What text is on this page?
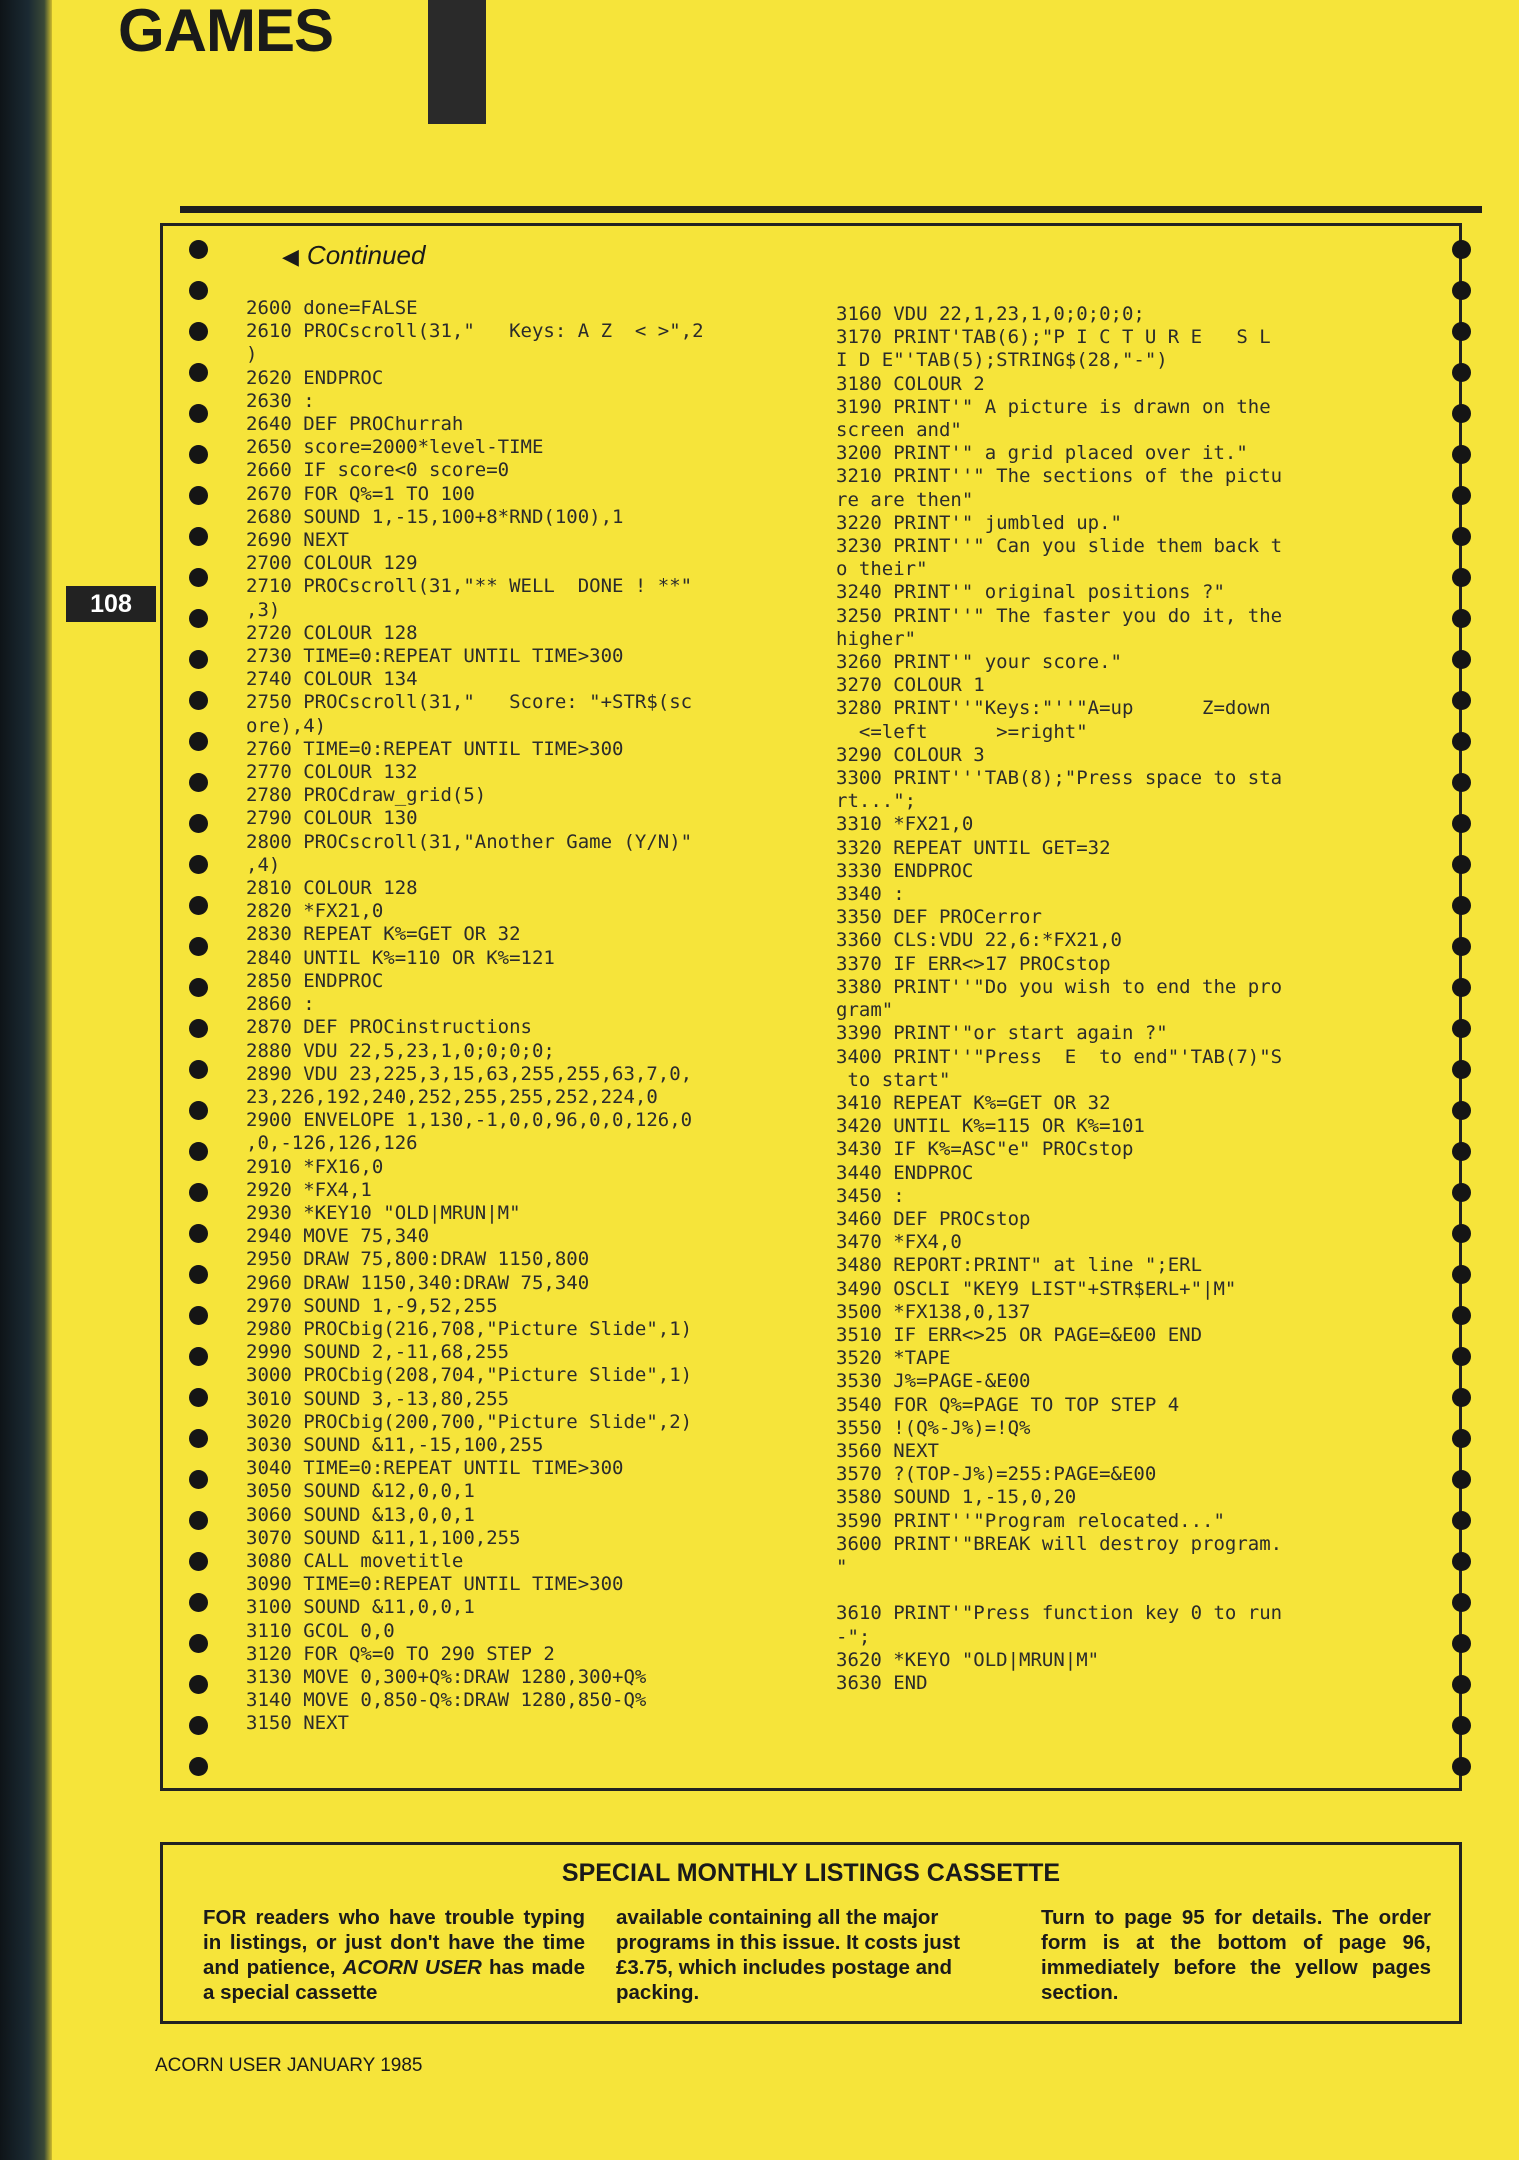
GAMES
108
◀ Continued
2600 done=FALSE
2610 PROCscroll(31,"   Keys: A Z  < >",2
)
2620 ENDPROC
2630 :
2640 DEF PROChurrah
2650 score=2000*level-TIME
2660 IF score<0 score=0
2670 FOR Q%=1 TO 100
2680 SOUND 1,-15,100+8*RND(100),1
2690 NEXT
2700 COLOUR 129
2710 PROCscroll(31,"** WELL  DONE ! **"
,3)
2720 COLOUR 128
2730 TIME=0:REPEAT UNTIL TIME>300
2740 COLOUR 134
2750 PROCscroll(31,"   Score: "+STR$(sc
ore),4)
2760 TIME=0:REPEAT UNTIL TIME>300
2770 COLOUR 132
2780 PROCdraw_grid(5)
2790 COLOUR 130
2800 PROCscroll(31,"Another Game (Y/N)"
,4)
2810 COLOUR 128
2820 *FX21,0
2830 REPEAT K%=GET OR 32
2840 UNTIL K%=110 OR K%=121
2850 ENDPROC
2860 :
2870 DEF PROCinstructions
2880 VDU 22,5,23,1,0;0;0;0;
2890 VDU 23,225,3,15,63,255,255,63,7,0,
23,226,192,240,252,255,255,252,224,0
2900 ENVELOPE 1,130,-1,0,0,96,0,0,126,0
,0,-126,126,126
2910 *FX16,0
2920 *FX4,1
2930 *KEY10 "OLD|MRUN|M"
2940 MOVE 75,340
2950 DRAW 75,800:DRAW 1150,800
2960 DRAW 1150,340:DRAW 75,340
2970 SOUND 1,-9,52,255
2980 PROCbig(216,708,"Picture Slide",1)
2990 SOUND 2,-11,68,255
3000 PROCbig(208,704,"Picture Slide",1)
3010 SOUND 3,-13,80,255
3020 PROCbig(200,700,"Picture Slide",2)
3030 SOUND &11,-15,100,255
3040 TIME=0:REPEAT UNTIL TIME>300
3050 SOUND &12,0,0,1
3060 SOUND &13,0,0,1
3070 SOUND &11,1,100,255
3080 CALL movetitle
3090 TIME=0:REPEAT UNTIL TIME>300
3100 SOUND &11,0,0,1
3110 GCOL 0,0
3120 FOR Q%=0 TO 290 STEP 2
3130 MOVE 0,300+Q%:DRAW 1280,300+Q%
3140 MOVE 0,850-Q%:DRAW 1280,850-Q%
3150 NEXT

3160 VDU 22,1,23,1,0;0;0;0;
3170 PRINT'TAB(6);"P I C T U R E   S L
I D E"'TAB(5);STRING$(28,"-")
3180 COLOUR 2
3190 PRINT'" A picture is drawn on the
screen and"
3200 PRINT'" a grid placed over it."
3210 PRINT''" The sections of the pictu
re are then"
3220 PRINT'" jumbled up."
3230 PRINT''" Can you slide them back t
o their"
3240 PRINT'" original positions ?"
3250 PRINT''" The faster you do it, the
higher"
3260 PRINT'" your score."
3270 COLOUR 1
3280 PRINT''"Keys:"''"A=up      Z=down
<=left      >=right"
3290 COLOUR 3
3300 PRINT'''TAB(8);"Press space to sta
rt...";
3310 *FX21,0
3320 REPEAT UNTIL GET=32
3330 ENDPROC
3340 :
3350 DEF PROCerror
3360 CLS:VDU 22,6:*FX21,0
3370 IF ERR<>17 PROCstop
3380 PRINT''"Do you wish to end the pro
gram"
3390 PRINT'"or start again ?"
3400 PRINT''"Press  E  to end"'TAB(7)"S
to start"
3410 REPEAT K%=GET OR 32
3420 UNTIL K%=115 OR K%=101
3430 IF K%=ASC"e" PROCstop
3440 ENDPROC
3450 :
3460 DEF PROCstop
3470 *FX4,0
3480 REPORT:PRINT" at line ";ERL
3490 OSCLI "KEY9 LIST"+STR$ERL+"|M"
3500 *FX138,0,137
3510 IF ERR<>25 OR PAGE=&E00 END
3520 *TAPE
3530 J%=PAGE-&E00
3540 FOR Q%=PAGE TO TOP STEP 4
3550 !(Q%-J%)=!Q%
3560 NEXT
3570 ?(TOP-J%)=255:PAGE=&E00
3580 SOUND 1,-15,0,20
3590 PRINT''"Program relocated..."
3600 PRINT'"BREAK will destroy program.
"

3610 PRINT'"Press function key 0 to run
-";
3620 *KEYO "OLD|MRUN|M"
3630 END

SPECIAL MONTHLY LISTINGS CASSETTE
FOR readers who have trouble typing in listings, or just don't have the time and patience, ACORN USER has made a special cassette
available containing all the major programs in this issue. It costs just £3.75, which includes postage and packing.
Turn to page 95 for details. The order form is at the bottom of page 96, immediately before the yellow pages section.
ACORN USER JANUARY 1985
